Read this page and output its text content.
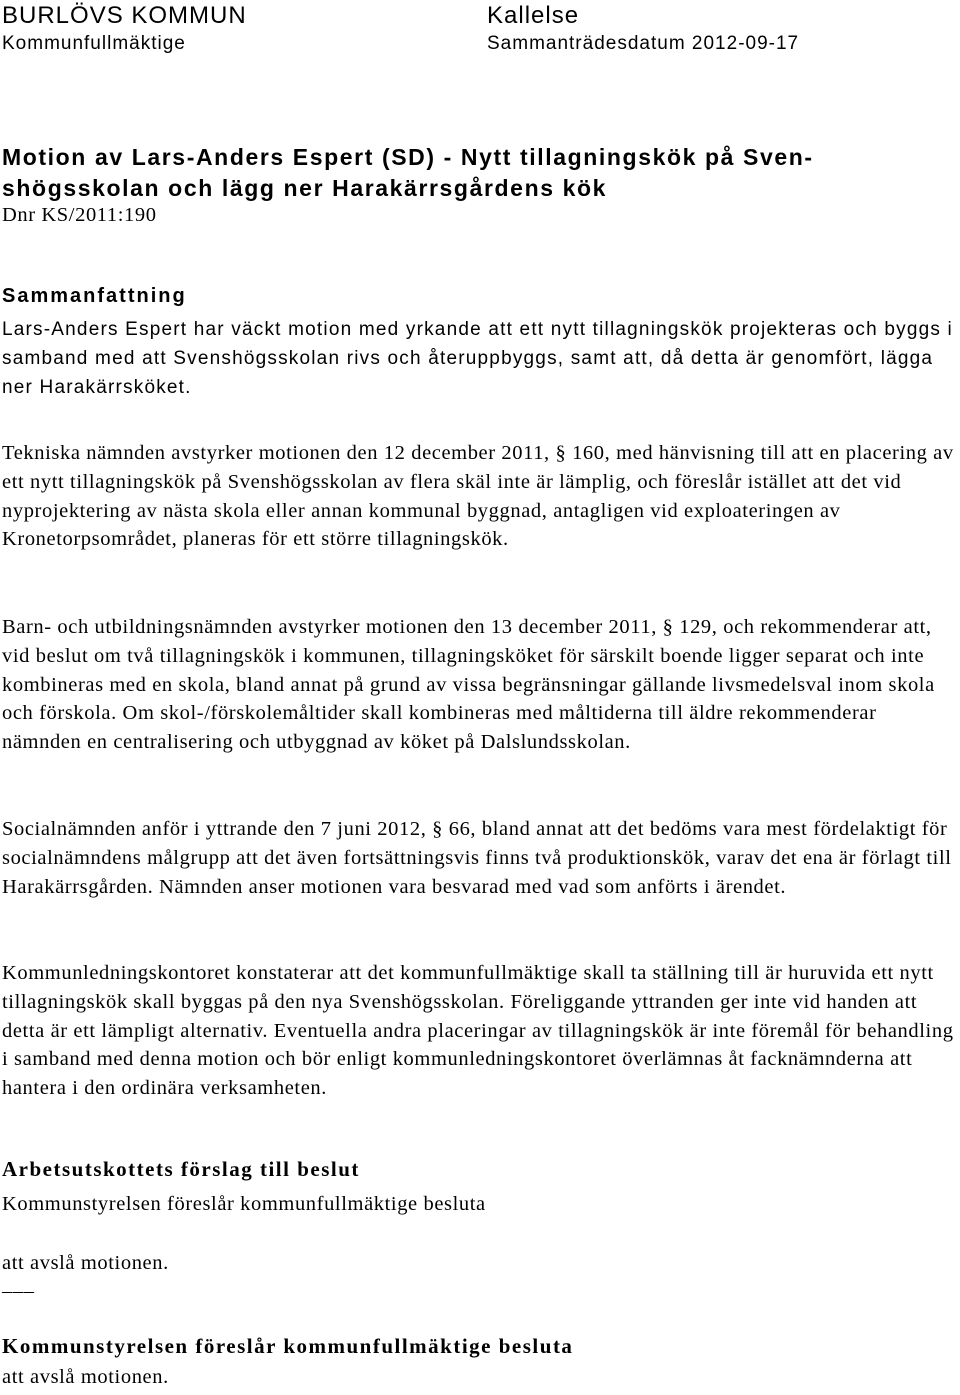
BURLÖVS KOMMUN	Kallelse
Kommunfullmäktige	Sammanträdesdatum 2012-09-17
Motion av Lars-Anders Espert (SD) - Nytt tillagningskök på Sven-
shögsskolan och lägg ner Harakärrsgårdens kök
Dnr KS/2011:190
Sammanfattning

Lars-Anders Espert har väckt motion med yrkande att ett nytt tillagningskök projekteras och byggs i samband med att Svenshögsskolan rivs och återuppbyggs, samt att, då detta är genomfört, lägga ner Harakärrsköket.

Tekniska nämnden avstyrker motionen den 12 december 2011, § 160, med hänvisning till att en placering av ett nytt tillagningskök på Svenshögsskolan av flera skäl inte är lämplig, och föreslår istället att det vid nyprojektering av nästa skola eller annan kommunal byggnad, antagligen vid exploateringen av Kronetorpsområdet, planeras för ett större tillagningskök.

Barn- och utbildningsnämnden avstyrker motionen den 13 december 2011, § 129, och rekommenderar att, vid beslut om två tillagningskök i kommunen, tillagningsköket för särskilt boende ligger separat och inte kombineras med en skola, bland annat på grund av vissa begränsningar gällande livsmedelsval inom skola och förskola. Om skol-/förskolemåltider skall kombineras med måltiderna till äldre rekommenderar nämnden en centralisering och utbyggnad av köket på Dalslundsskolan.

Socialnämnden anför i yttrande den 7 juni 2012, § 66, bland annat att det bedöms vara mest fördelaktigt för socialnämndens målgrupp att det även fortsättningsvis finns två produktionskök, varav det ena är förlagt till Harakärrsgården. Nämnden anser motionen vara besvarad med vad som anförts i ärendet.

Kommunledningskontoret konstaterar att det kommunfullmäktige skall ta ställning till är huruvida ett nytt tillagningskök skall byggas på den nya Svenshögsskolan. Föreliggande yttranden ger inte vid handen att detta är ett lämpligt alternativ. Eventuella andra placeringar av tillagningskök är inte föremål för behandling i samband med denna motion och bör enligt kommunledningskontoret överlämnas åt facknämnderna att hantera i den ordinära verksamheten.

Arbetsutskottets förslag till beslut
Kommunstyrelsen föreslår kommunfullmäktige besluta
att avslå motionen.
–––
Kommunstyrelsen föreslår kommunfullmäktige besluta
att avslå motionen.
